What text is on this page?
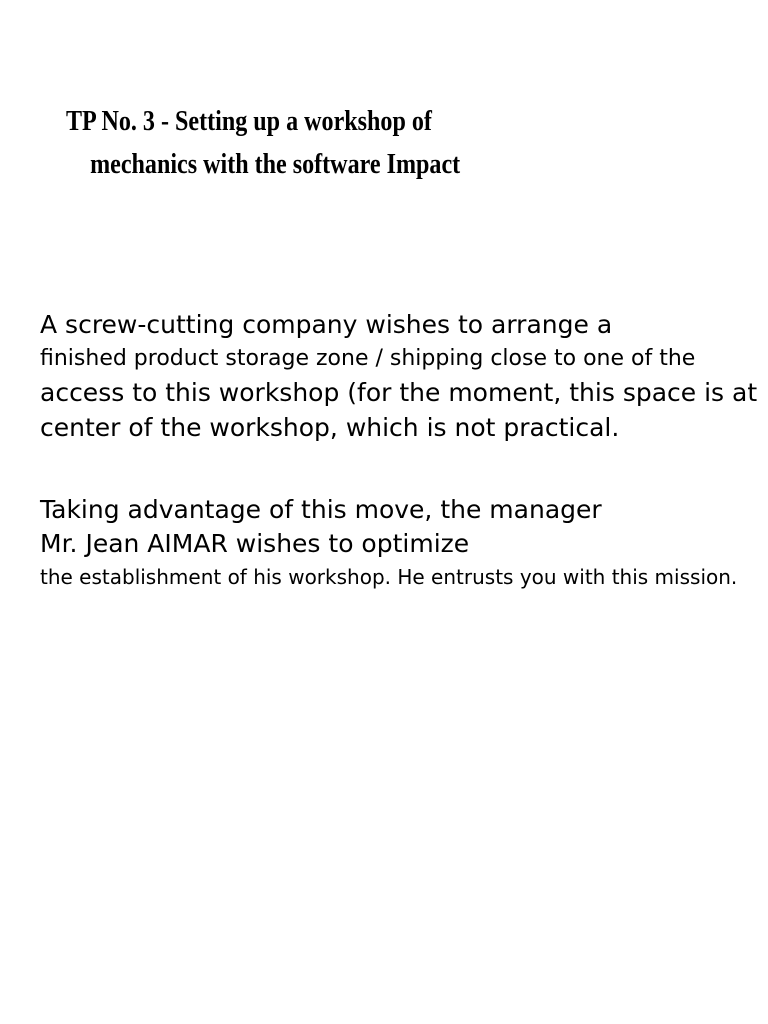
TP No. 3 - Setting up a workshop of
mechanics with the software Impact

A screw-cutting company wishes to arrange a
finished product storage zone / shipping close to one of the
access to this workshop (for the moment, this space is at
center of the workshop, which is not practical.

Taking advantage of this move, the manager
Mr. Jean AIMAR wishes to optimize
the establishment of his workshop. He entrusts you with this mission.
